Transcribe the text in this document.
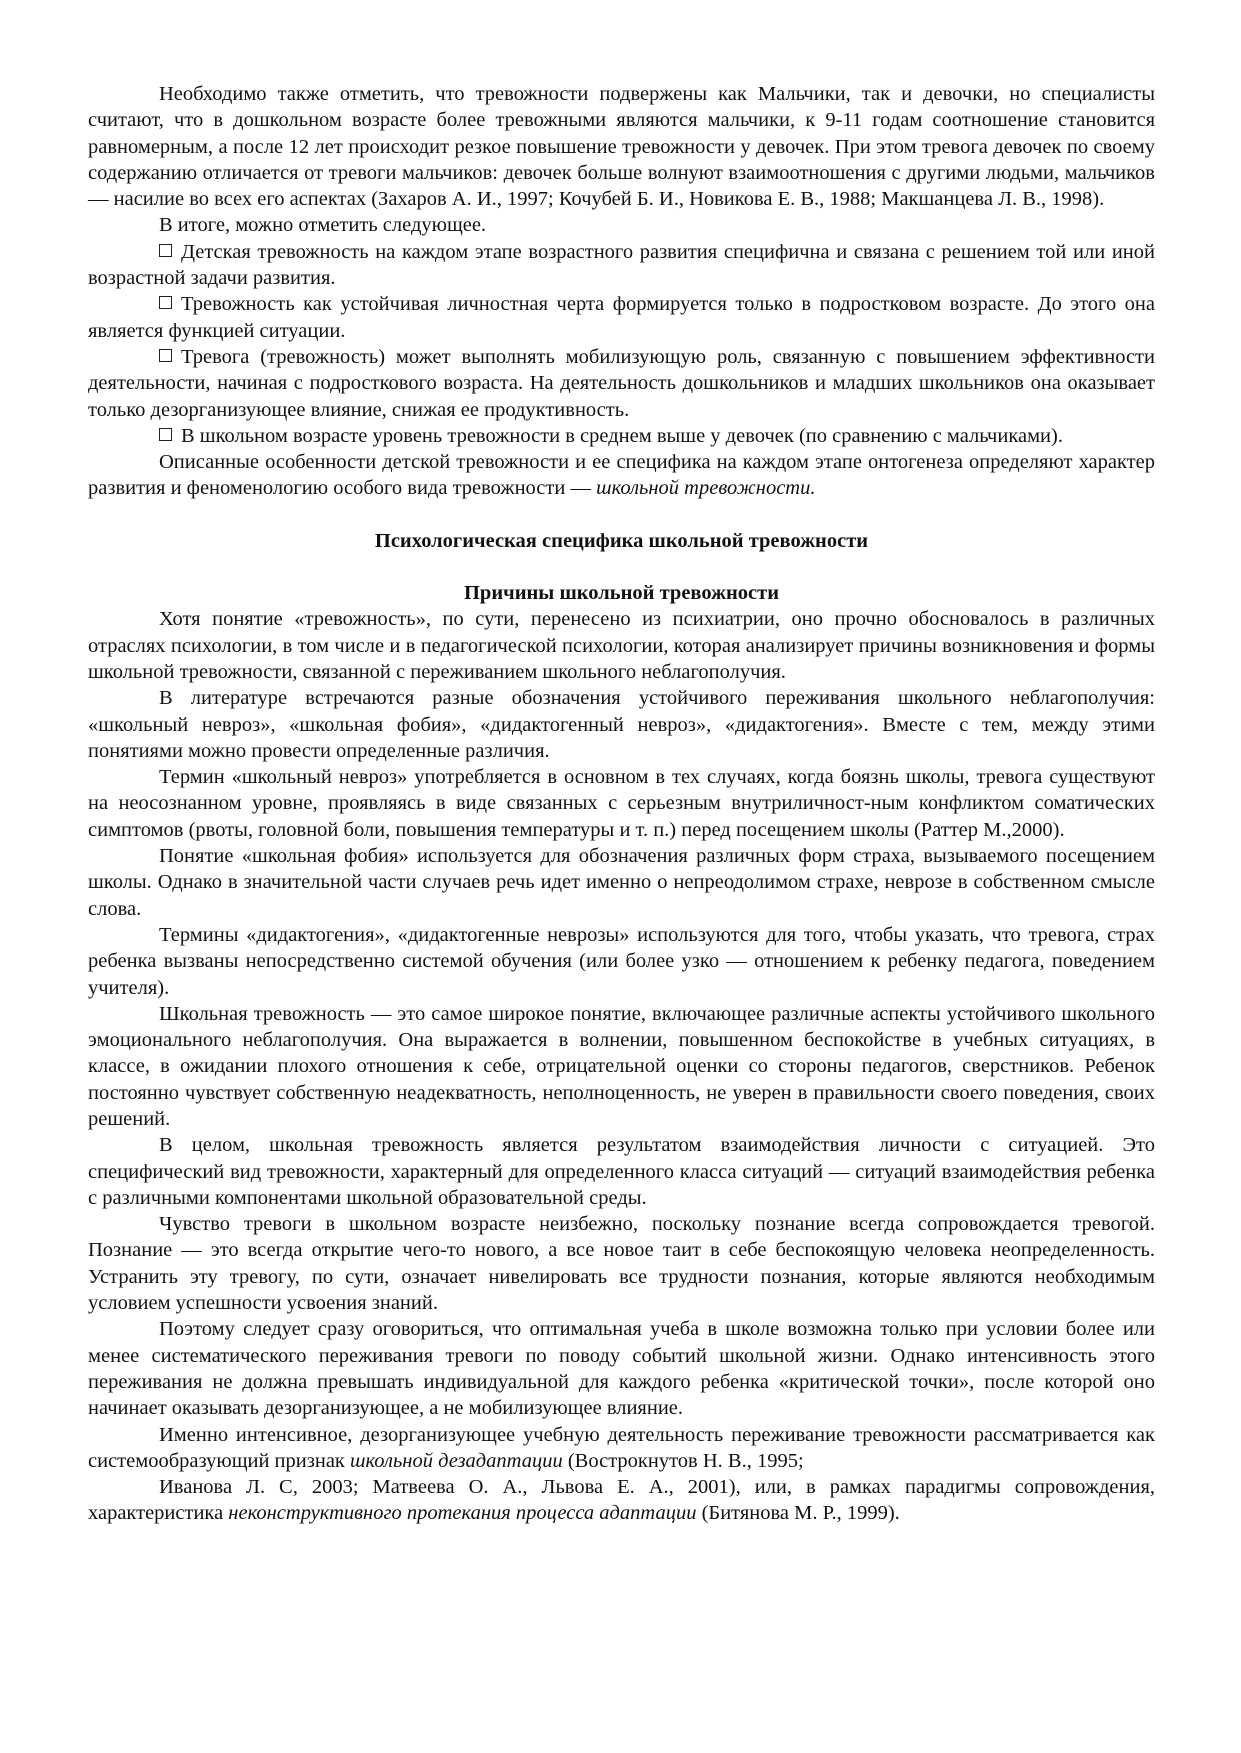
Необходимо также отметить, что тревожности подвержены как Мальчики, так и девочки, но специалисты считают, что в дошкольном возрасте более тревожными являются мальчики, к 9-11 годам соотношение становится равномерным, а после 12 лет происходит резкое повышение тревожности у девочек. При этом тревога девочек по своему содержанию отличается от тревоги мальчиков: девочек больше волнуют взаимоотношения с другими людьми, мальчиков — насилие во всех его аспектах (Захаров А. И., 1997; Кочубей Б. И., Новикова Е. В., 1988; Макшанцева Л. В., 1998).

В итоге, можно отметить следующее.

Детская тревожность на каждом этапе возрастного развития специфична и связана с решением той или иной возрастной задачи развития.

Тревожность как устойчивая личностная черта формируется только в подростковом возрасте. До этого она является функцией ситуации.

Тревога (тревожность) может выполнять мобилизующую роль, связанную с повышением эффективности деятельности, начиная с подросткового возраста. На деятельность дошкольников и младших школьников она оказывает только дезорганизующее влияние, снижая ее продуктивность.

В школьном возрасте уровень тревожности в среднем выше у девочек (по сравнению с мальчиками).

Описанные особенности детской тревожности и ее специфика на каждом этапе онтогенеза определяют характер развития и феноменологию особого вида тревожности — школьной тревожности.

Психологическая специфика школьной тревожности

Причины школьной тревожности

Хотя понятие «тревожность», по сути, перенесено из психиатрии, оно прочно обосновалось в различных отраслях психологии, в том числе и в педагогической психологии, которая анализирует причины возникновения и формы школьной тревожности, связанной с переживанием школьного неблагополучия.

В литературе встречаются разные обозначения устойчивого переживания школьного неблагополучия: «школьный невроз», «школьная фобия», «дидактогенный невроз», «дидактогения». Вместе с тем, между этими понятиями можно провести определенные различия.

Термин «школьный невроз» употребляется в основном в тех случаях, когда боязнь школы, тревога существуют на неосознанном уровне, проявляясь в виде связанных с серьезным внутриличност-ным конфликтом соматических симптомов (рвоты, головной боли, повышения температуры и т. п.) перед посещением школы (Раттер М.,2000).

Понятие «школьная фобия» используется для обозначения различных форм страха, вызываемого посещением школы. Однако в значительной части случаев речь идет именно о непреодолимом страхе, неврозе в собственном смысле слова.

Термины «дидактогения», «дидактогенные неврозы» используются для того, чтобы указать, что тревога, страх ребенка вызваны непосредственно системой обучения (или более узко — отношением к ребенку педагога, поведением учителя).

Школьная тревожность — это самое широкое понятие, включающее различные аспекты устойчивого школьного эмоционального неблагополучия. Она выражается в волнении, повышенном беспокойстве в учебных ситуациях, в классе, в ожидании плохого отношения к себе, отрицательной оценки со стороны педагогов, сверстников. Ребенок постоянно чувствует собственную неадекватность, неполноценность, не уверен в правильности своего поведения, своих решений.

В целом, школьная тревожность является результатом взаимодействия личности с ситуацией. Это специфический вид тревожности, характерный для определенного класса ситуаций — ситуаций взаимодействия ребенка с различными компонентами школьной образовательной среды.

Чувство тревоги в школьном возрасте неизбежно, поскольку познание всегда сопровождается тревогой. Познание — это всегда открытие чего-то нового, а все новое таит в себе беспокоящую человека неопределенность. Устранить эту тревогу, по сути, означает нивелировать все трудности познания, которые являются необходимым условием успешности усвоения знаний.

Поэтому следует сразу оговориться, что оптимальная учеба в школе возможна только при условии более или менее систематического переживания тревоги по поводу событий школьной жизни. Однако интенсивность этого переживания не должна превышать индивидуальной для каждого ребенка «критической точки», после которой оно начинает оказывать дезорганизующее, а не мобилизующее влияние.

Именно интенсивное, дезорганизующее учебную деятельность переживание тревожности рассматривается как системообразующий признак школьной дезадаптации (Вострокнутов Н. В., 1995;

Иванова Л. С, 2003; Матвеева О. А., Львова Е. А., 2001), или, в рамках парадигмы сопровождения, характеристика неконструктивного протекания процесса адаптации (Битянова М. Р., 1999).
